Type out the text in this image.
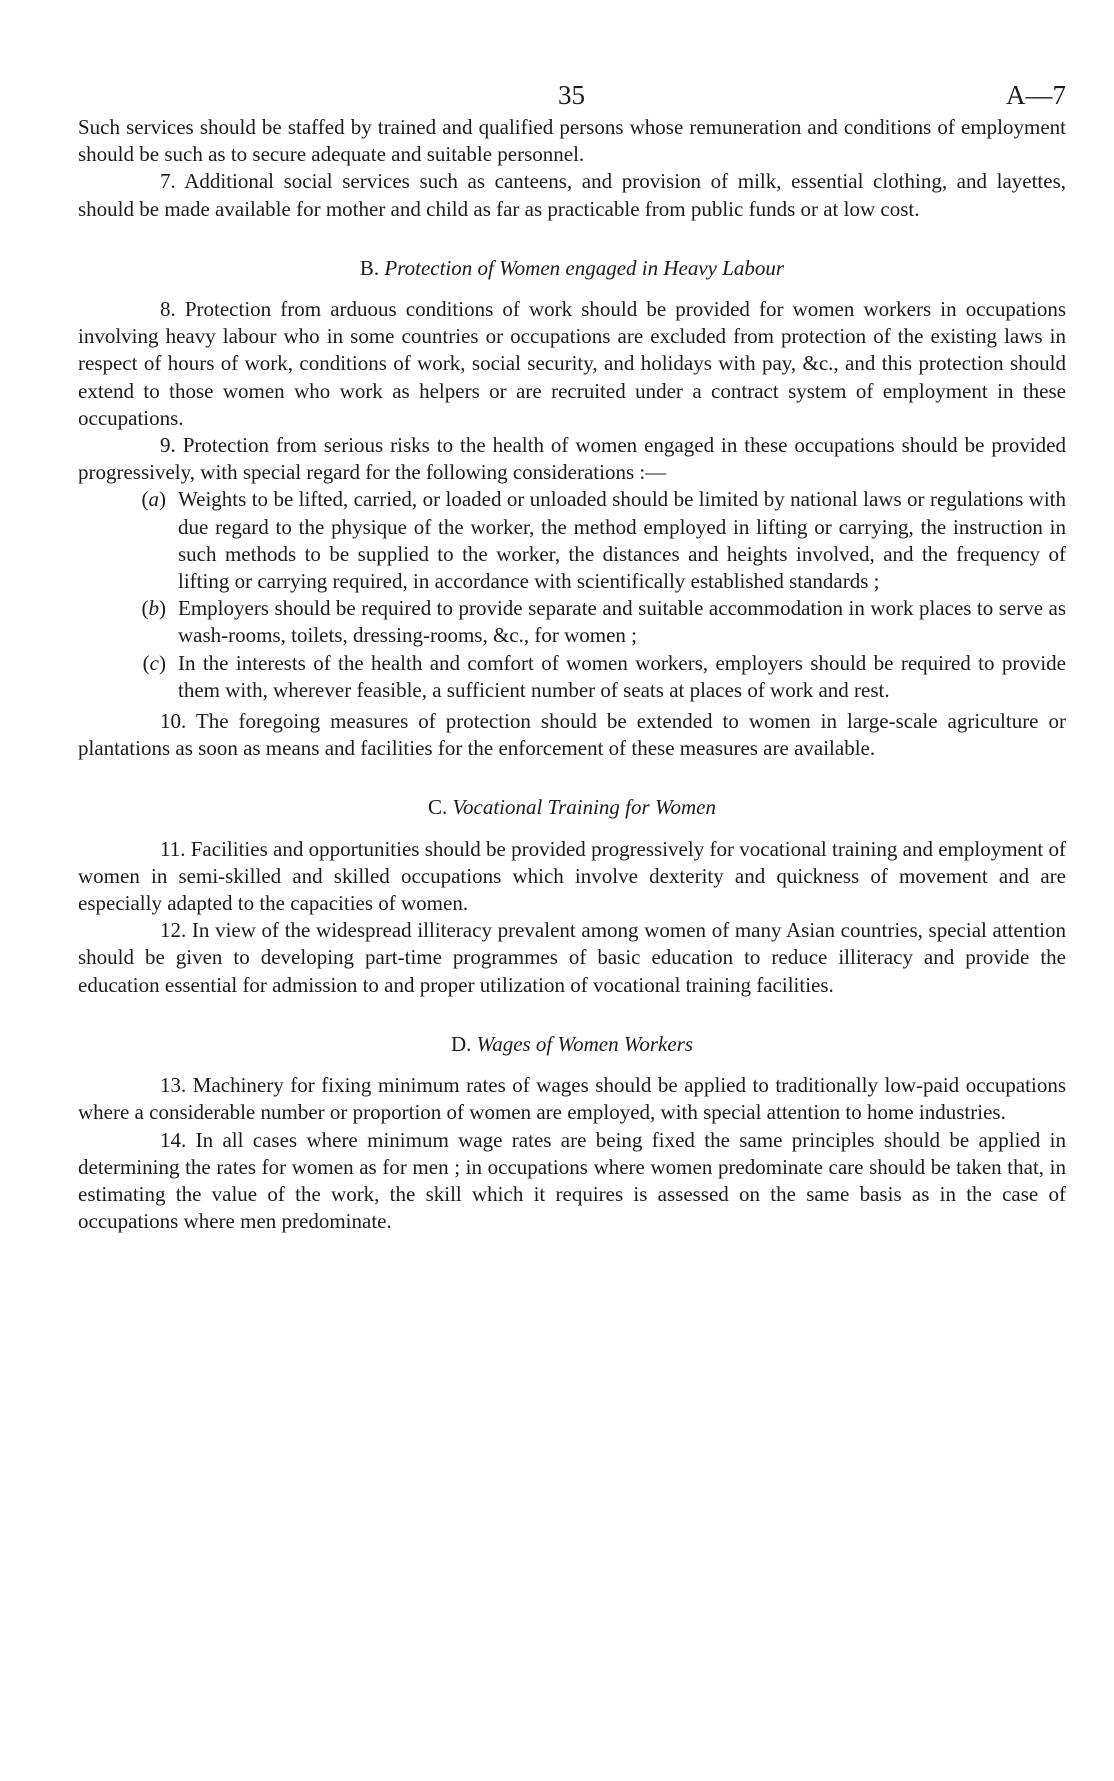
35	A—7

Such services should be staffed by trained and qualified persons whose remuneration and conditions of employment should be such as to secure adequate and suitable personnel.

7. Additional social services such as canteens, and provision of milk, essential clothing, and layettes, should be made available for mother and child as far as practicable from public funds or at low cost.

B. Protection of Women engaged in Heavy Labour

8. Protection from arduous conditions of work should be provided for women workers in occupations involving heavy labour who in some countries or occupations are excluded from protection of the existing laws in respect of hours of work, conditions of work, social security, and holidays with pay, &c., and this protection should extend to those women who work as helpers or are recruited under a contract system of employment in these occupations.

9. Protection from serious risks to the health of women engaged in these occupations should be provided progressively, with special regard for the following considerations :—

(a) Weights to be lifted, carried, or loaded or unloaded should be limited by national laws or regulations with due regard to the physique of the worker, the method employed in lifting or carrying, the instruction in such methods to be supplied to the worker, the distances and heights involved, and the frequency of lifting or carrying required, in accordance with scientifically established standards ;
(b) Employers should be required to provide separate and suitable accommodation in work places to serve as wash-rooms, toilets, dressing-rooms, &c., for women ;
(c) In the interests of the health and comfort of women workers, employers should be required to provide them with, wherever feasible, a sufficient number of seats at places of work and rest.

10. The foregoing measures of protection should be extended to women in large-scale agriculture or plantations as soon as means and facilities for the enforcement of these measures are available.

C. Vocational Training for Women

11. Facilities and opportunities should be provided progressively for vocational training and employment of women in semi-skilled and skilled occupations which involve dexterity and quickness of movement and are especially adapted to the capacities of women.

12. In view of the widespread illiteracy prevalent among women of many Asian countries, special attention should be given to developing part-time programmes of basic education to reduce illiteracy and provide the education essential for admission to and proper utilization of vocational training facilities.

D. Wages of Women Workers

13. Machinery for fixing minimum rates of wages should be applied to traditionally low-paid occupations where a considerable number or proportion of women are employed, with special attention to home industries.

14. In all cases where minimum wage rates are being fixed the same principles should be applied in determining the rates for women as for men ; in occupations where women predominate care should be taken that, in estimating the value of the work, the skill which it requires is assessed on the same basis as in the case of occupations where men predominate.
